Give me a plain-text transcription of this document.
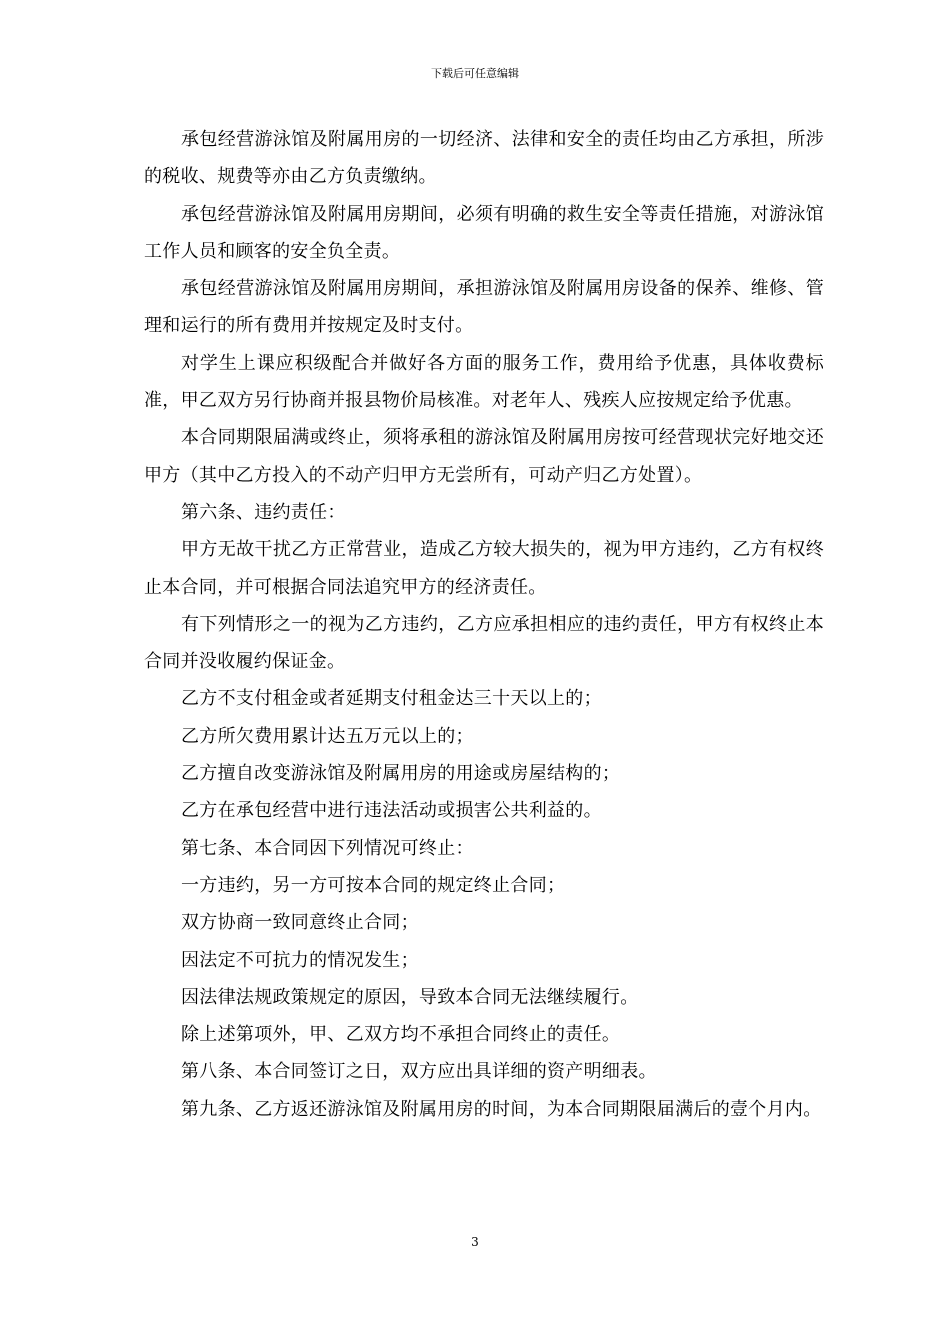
下载后可任意编辑

承包经营游泳馆及附属用房的一切经济、法律和安全的责任均由乙方承担，所涉的税收、规费等亦由乙方负责缴纳。

承包经营游泳馆及附属用房期间，必须有明确的救生安全等责任措施，对游泳馆工作人员和顾客的安全负全责。

承包经营游泳馆及附属用房期间，承担游泳馆及附属用房设备的保养、维修、管理和运行的所有费用并按规定及时支付。

对学生上课应积级配合并做好各方面的服务工作，费用给予优惠，具体收费标准，甲乙双方另行协商并报县物价局核准。对老年人、残疾人应按规定给予优惠。

本合同期限届满或终止，须将承租的游泳馆及附属用房按可经营现状完好地交还甲方（其中乙方投入的不动产归甲方无尝所有，可动产归乙方处置）。

第六条、违约责任：

甲方无故干扰乙方正常营业，造成乙方较大损失的，视为甲方违约，乙方有权终止本合同，并可根据合同法追究甲方的经济责任。

有下列情形之一的视为乙方违约，乙方应承担相应的违约责任，甲方有权终止本合同并没收履约保证金。

乙方不支付租金或者延期支付租金达三十天以上的；

乙方所欠费用累计达五万元以上的；

乙方擅自改变游泳馆及附属用房的用途或房屋结构的；

乙方在承包经营中进行违法活动或损害公共利益的。

第七条、本合同因下列情况可终止：

一方违约，另一方可按本合同的规定终止合同；

双方协商一致同意终止合同；

因法定不可抗力的情况发生；

因法律法规政策规定的原因，导致本合同无法继续履行。

除上述第项外，甲、乙双方均不承担合同终止的责任。

第八条、本合同签订之日，双方应出具详细的资产明细表。

第九条、乙方返还游泳馆及附属用房的时间，为本合同期限届满后的壹个月内。

3
